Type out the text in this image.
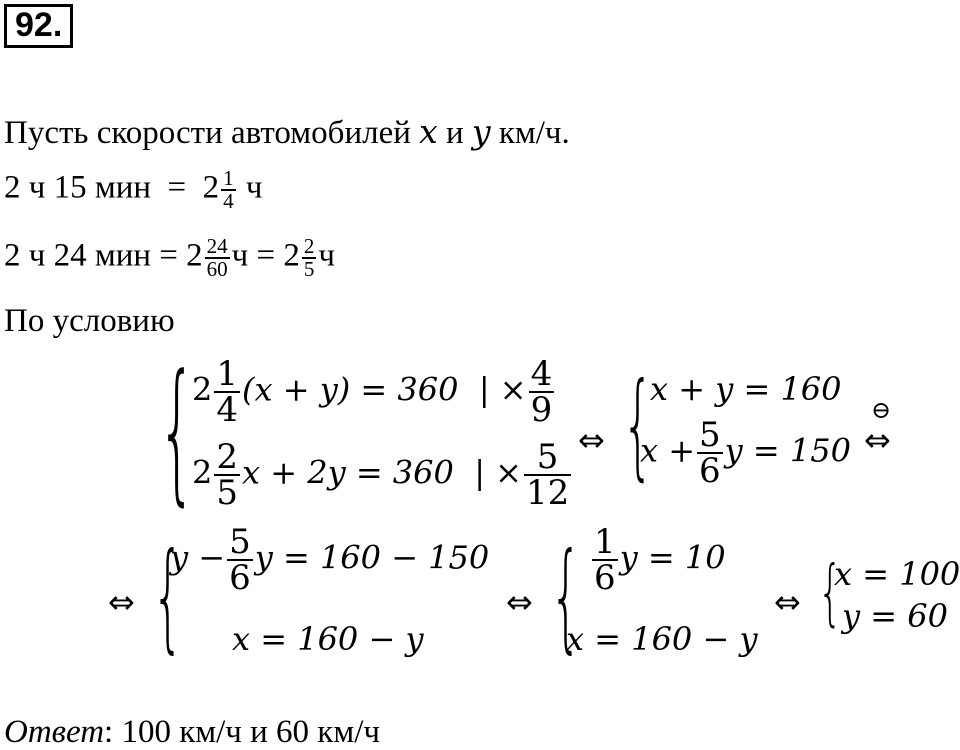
92.
Пусть скорости автомобилей x и y км/ч.
2 ч 15 мин  =  $2 \frac{1}{4}$ ч
2 ч 24 мин = $2 \frac{24}{60}$ $ч = 2 \frac{2}{5}$ ч
По условию
{
$2 \frac{1}{4} (x + y) = 360$  | × $\frac{4}{9}$
$2 \frac{2}{5}$ x + 2y = 360  | × $\frac{5}{12}$ ⇔ {
x + y = 160
$x + \frac{5}{6}$ y = 150
⊖
⇔
⇔ {
$y - \frac{5}{6}$ y = 160 − 150
x = 160 − y
⇔ { $\frac{1}{6}$ y = 10
x = 160 − y
⇔ {
x = 100
y = 60
Ответ: 100 км/ч и 60 км/ч
